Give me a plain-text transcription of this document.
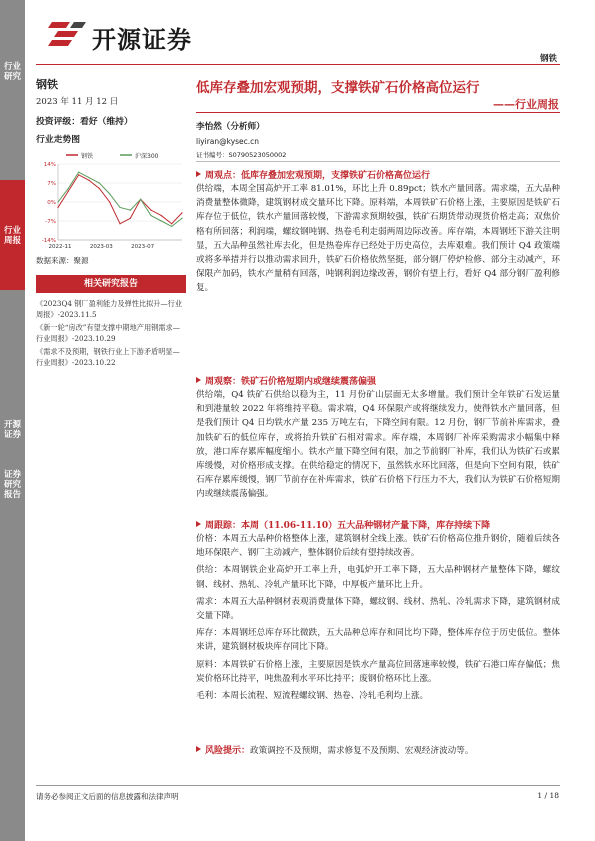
行业研究
行业周报
开源证券
证券研究报告
开源证券
钢铁
钢铁
2023 年 11 月 12 日
投资评级：看好（维持）
行业走势图
钢铁	沪深300
14%
7%
0%
-7%
-14%
2022-11	2023-03	2023-07
数据来源：聚源
相关研究报告
《2023Q4 钢厂盈利能力及弹性比拟升—行业周报》-2023.11.5
《新一轮“房改”有望支撑中期地产用钢需求—行业周报》-2023.10.29
《需求不及预期，钢铁行业上下游矛盾明显—行业周报》-2023.10.22
低库存叠加宏观预期，支撑铁矿石价格高位运行
——行业周报
李怡然（分析师）
liyiran@kysec.cn
证书编号：S0790523050002
周观点：低库存叠加宏观预期，支撑铁矿石价格高位运行
供给端，本周全国高炉开工率 81.01%，环比上升 0.89pct；铁水产量回落。需求端，五大品种消费量整体微降，建筑钢材成交量环比下降。原料端，本周铁矿石价格上涨，主要原因是铁矿石库存位于低位，铁水产量回落较慢，下游需求预期较强，铁矿石期货带动现货价格走高；双焦价格有所回落；利润端，螺纹钢吨钢、热卷毛利走弱两周边际改善。库存端，本周钢坯下游关注明显，五大品种虽然社库去化，但是热卷库存已经处于历史高位，去库艰难。我们预计 Q4 政策端或将多举措并行以推动需求回升，铁矿石价格依然坚挺，部分钢厂停炉检修、部分主动减产，环保限产加码，铁水产量稍有回落，吨钢利润边缘改善，钢价有望上行，看好 Q4 部分钢厂盈利修复。
周观察：铁矿石价格短期内或继续震荡偏强
供给端，Q4 铁矿石供给以稳为主，11 月份矿山层面无太多增量。我们预计全年铁矿石发运量和到港量较 2022 年将维持平稳。需求端，Q4 环保限产或将继续发力，使得铁水产量回落，但是我们预计 Q4 日均铁水产量 235 万吨左右，下降空间有限。12 月份，钢厂节前补库需求，叠加铁矿石的低位库存，或将抬升铁矿石相对需求。库存端，本周钢厂补库采购需求小幅集中释放，港口库存累库幅度缩小。铁水产量下降空间有限，加之节前钢厂补库，我们认为铁矿石或累库缓慢，对价格形成支撑。在供给稳定的情况下，虽然铁水环比回落，但是向下空间有限，铁矿石库存累库缓慢，钢厂节前存在补库需求，铁矿石价格下行压力不大，我们认为铁矿石价格短期内或继续震荡偏强。
周跟踪：本周（11.06-11.10）五大品种钢材产量下降，库存持续下降
价格：本周五大品种价格整体上涨，建筑钢材全线上涨。铁矿石价格高位推升钢价，随着后续各地环保限产、钢厂主动减产，整体钢价后续有望持续改善。
供给：本周钢铁企业高炉开工率上升，电弧炉开工率下降，五大品种钢材产量整体下降，螺纹钢、线材、热轧、冷轧产量环比下降，中厚板产量环比上升。
需求：本周五大品种钢材表观消费量体下降，螺纹钢、线材、热轧、冷轧需求下降，建筑钢材成交量下降。
库存：本周钢坯总库存环比微跌，五大品种总库存和同比均下降，整体库存位于历史低位。整体来讲，建筑钢材板块库存同比下降。
原料：本周铁矿石价格上涨，主要原因是铁水产量高位回落速率较慢，铁矿石港口库存偏低；焦炭价格环比持平，吨焦盈利水平环比持平；废钢价格环比上涨。
毛利：本周长流程、短流程螺纹钢、热卷、冷轧毛利均上涨。
风险提示：政策调控不及预期，需求修复不及预期、宏观经济波动等。
请务必参阅正文后面的信息披露和法律声明	1 / 18
